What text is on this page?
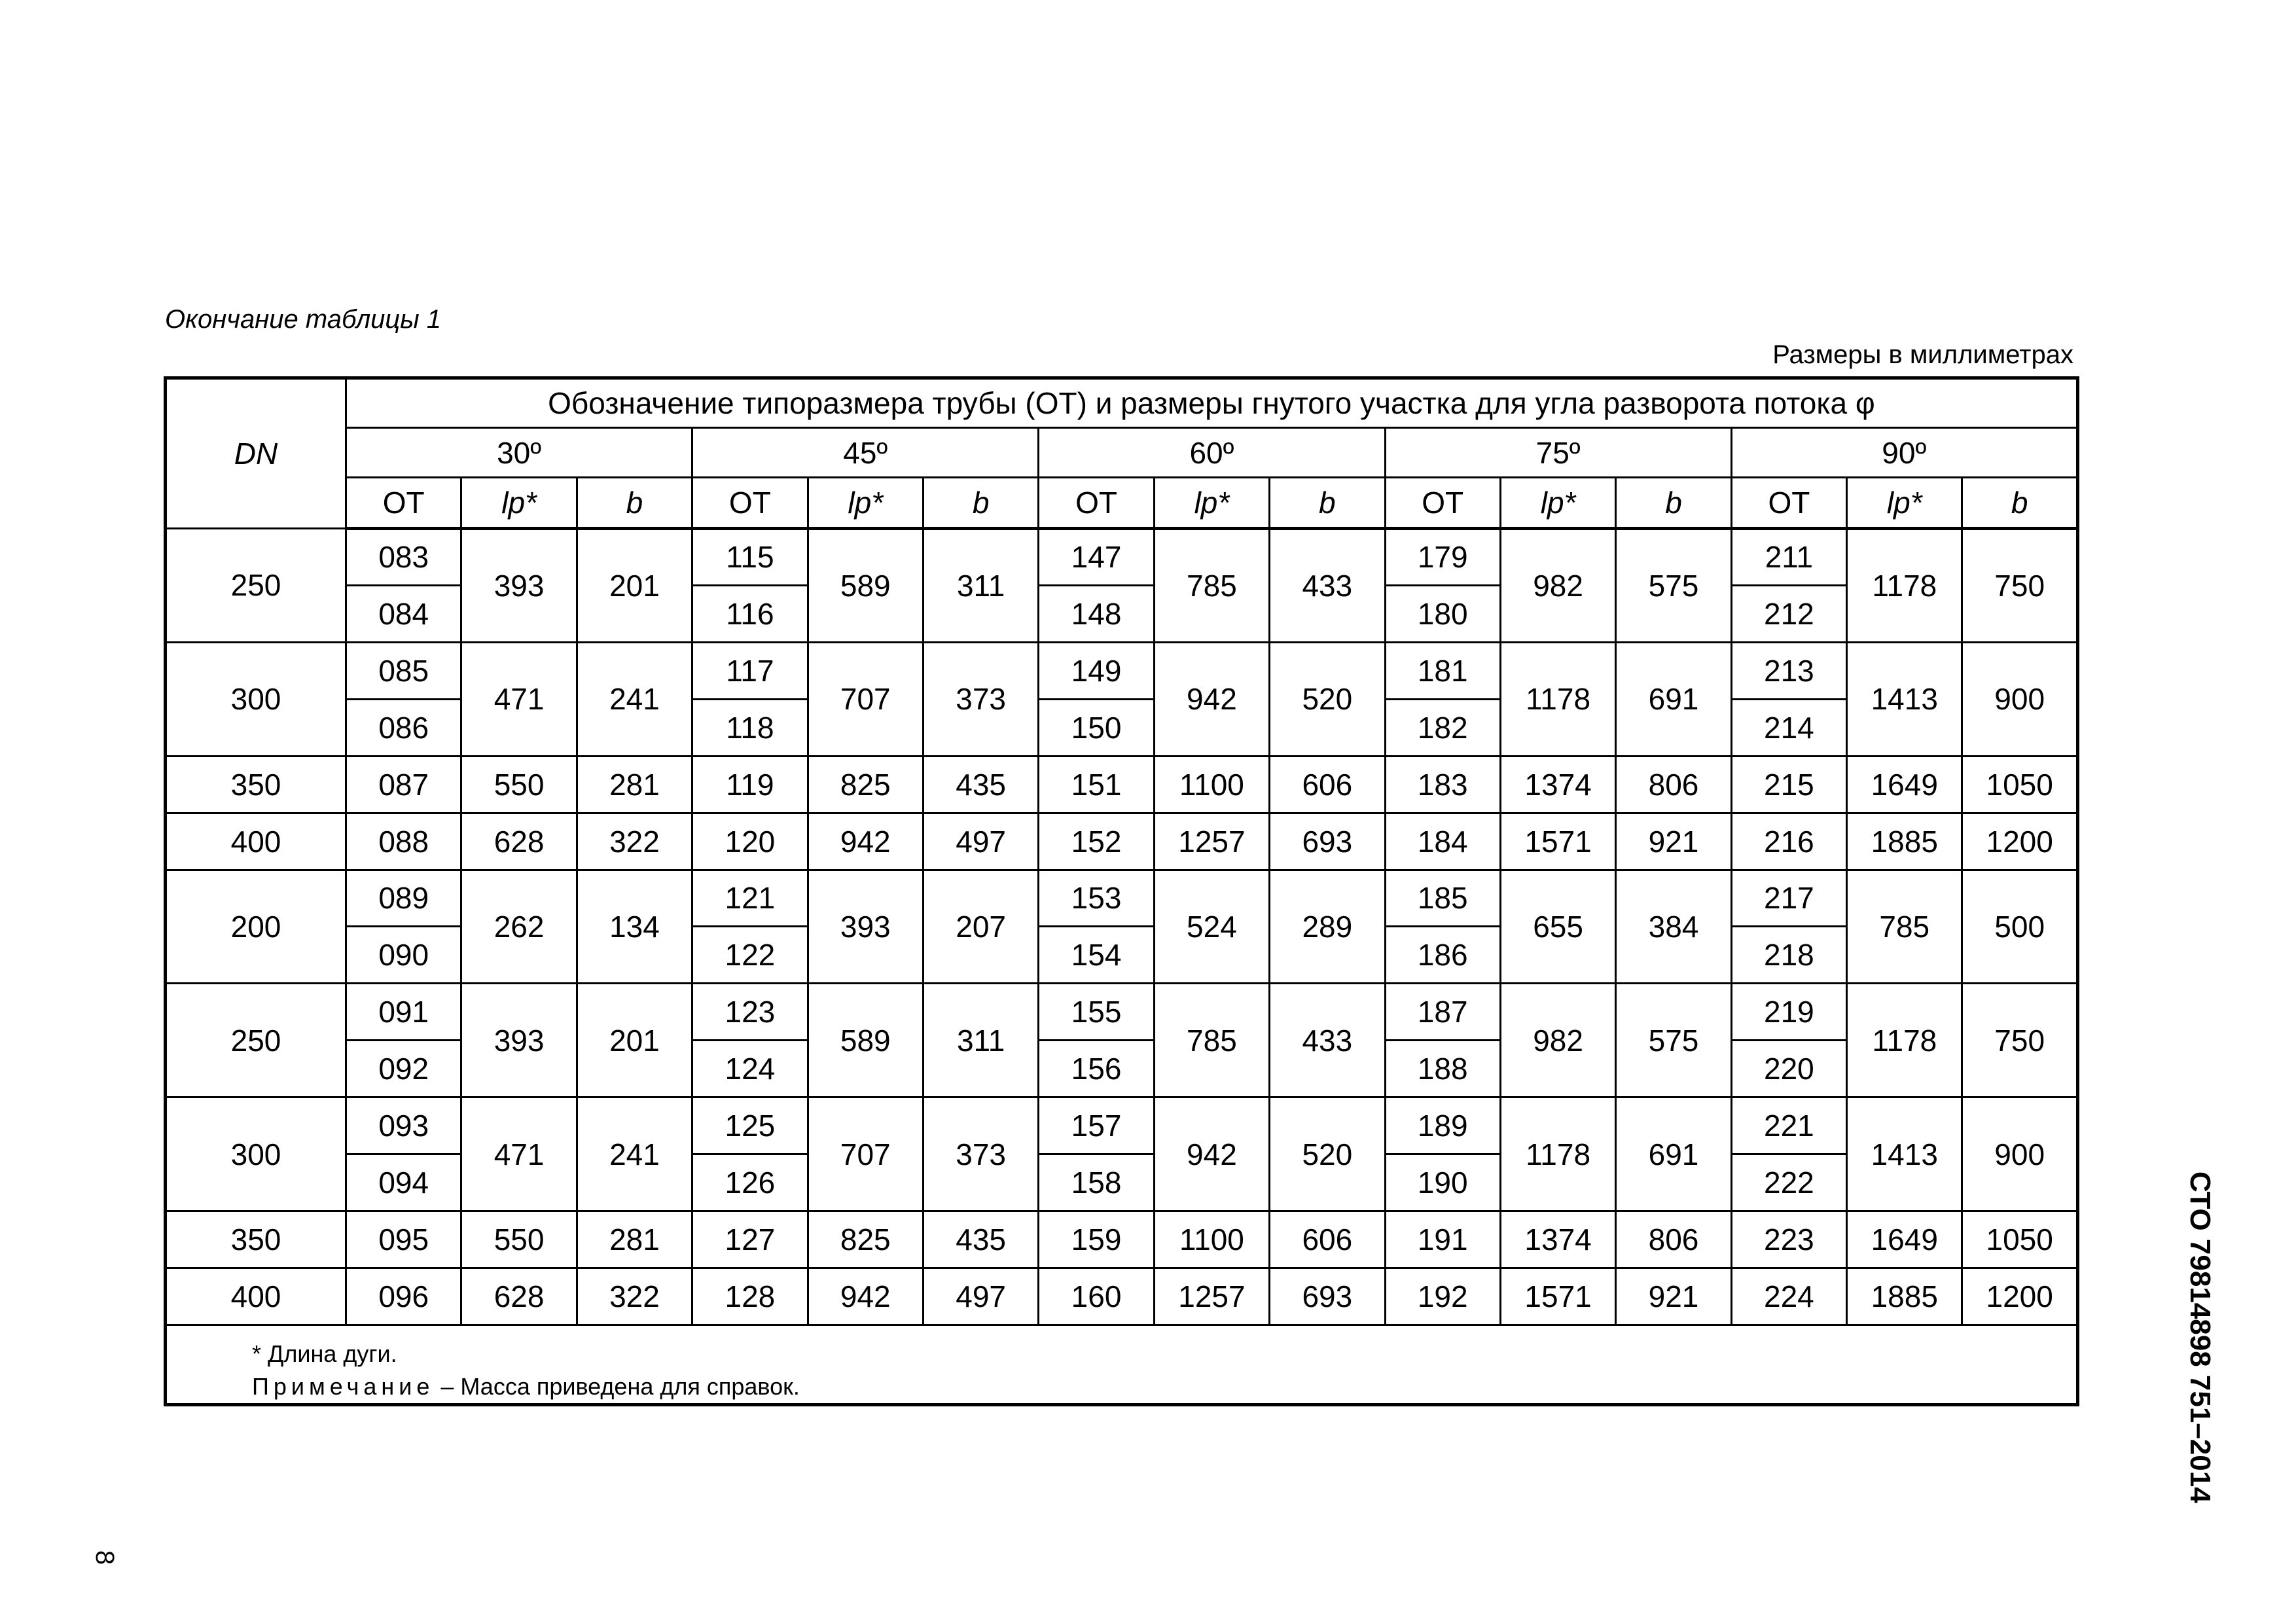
Окончание таблицы 1
Размеры в миллиметрах
DN	Обозначение типоразмера трубы (ОТ) и размеры гнутого участка для угла разворота потока φ														
	30º			45º			60º			75º			90º		
	ОТ	lp*	b	ОТ	lp*	b	ОТ	lp*	b	ОТ	lp*	b	ОТ	lp*	b
250	083	393	201	115	589	311	147	785	433	179	982	575	211	1178	750
	084			116			148			180			212		
300	085	471	241	117	707	373	149	942	520	181	1178	691	213	1413	900
	086			118			150			182			214		
350	087	550	281	119	825	435	151	1100	606	183	1374	806	215	1649	1050
400	088	628	322	120	942	497	152	1257	693	184	1571	921	216	1885	1200
200	089	262	134	121	393	207	153	524	289	185	655	384	217	785	500
	090			122			154			186			218		
250	091	393	201	123	589	311	155	785	433	187	982	575	219	1178	750
	092			124			156			188			220		
300	093	471	241	125	707	373	157	942	520	189	1178	691	221	1413	900
	094			126			158			190			222		
350	095	550	281	127	825	435	159	1100	606	191	1374	806	223	1649	1050
400	096	628	322	128	942	497	160	1257	693	192	1571	921	224	1885	1200

* Длина дуги.
Примечание – Масса приведена для справок.																СТО 79814898 751–2014
8
